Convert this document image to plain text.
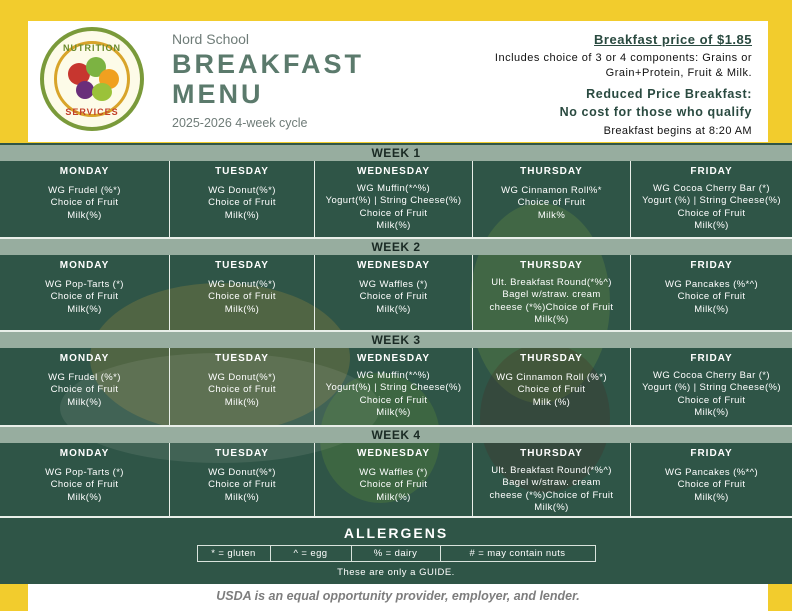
NUTRITION
SERVICES
Nord School
BREAKFAST
MENU
2025-2026 4-week cycle
Breakfast price of $1.85
Includes choice of 3 or 4 components: Grains or
Grain+Protein, Fruit & Milk.
Reduced Price Breakfast:
No cost for those who qualify
Breakfast begins at 8:20 AM
WEEK 1
MONDAY
WG Frudel (%*)
Choice of Fruit
Milk(%)
TUESDAY
WG Donut(%*)
Choice of Fruit
Milk(%)
WEDNESDAY
WG Muffin(*^%)
Yogurt(%) | String Cheese(%)
Choice of Fruit
Milk(%)
THURSDAY
WG Cinnamon Roll%*
Choice of Fruit
Milk%
FRIDAY
WG Cocoa Cherry Bar (*)
Yogurt (%) | String Cheese(%)
Choice of Fruit
Milk(%)
WEEK 2
MONDAY
WG Pop-Tarts (*)
Choice of Fruit
Milk(%)
TUESDAY
WG Donut(%*)
Choice of Fruit
Milk(%)
WEDNESDAY
WG Waffles (*)
Choice of Fruit
Milk(%)
THURSDAY
Ult. Breakfast Round(*%^)
Bagel w/straw. cream
cheese (*%)Choice of Fruit
Milk(%)
FRIDAY
WG Pancakes (%*^)
Choice of Fruit
Milk(%)
WEEK 3
MONDAY
WG Frudel (%*)
Choice of Fruit
Milk(%)
TUESDAY
WG Donut(%*)
Choice of Fruit
Milk(%)
WEDNESDAY
WG Muffin(*^%)
Yogurt(%) | String Cheese(%)
Choice of Fruit
Milk(%)
THURSDAY
WG Cinnamon Roll (%*)
Choice of Fruit
Milk (%)
FRIDAY
WG Cocoa Cherry Bar (*)
Yogurt (%) | String Cheese(%)
Choice of Fruit
Milk(%)
WEEK 4
MONDAY
WG Pop-Tarts (*)
Choice of Fruit
Milk(%)
TUESDAY
WG Donut(%*)
Choice of Fruit
Milk(%)
WEDNESDAY
WG Waffles (*)
Choice of Fruit
Milk(%)
THURSDAY
Ult. Breakfast Round(*%^)
Bagel w/straw. cream
cheese (*%)Choice of Fruit
Milk(%)
FRIDAY
WG Pancakes (%*^)
Choice of Fruit
Milk(%)
ALLERGENS
* = gluten	^ = egg	% = dairy	# = may contain nuts
These are only a GUIDE.
USDA is an equal opportunity provider, employer, and lender.
